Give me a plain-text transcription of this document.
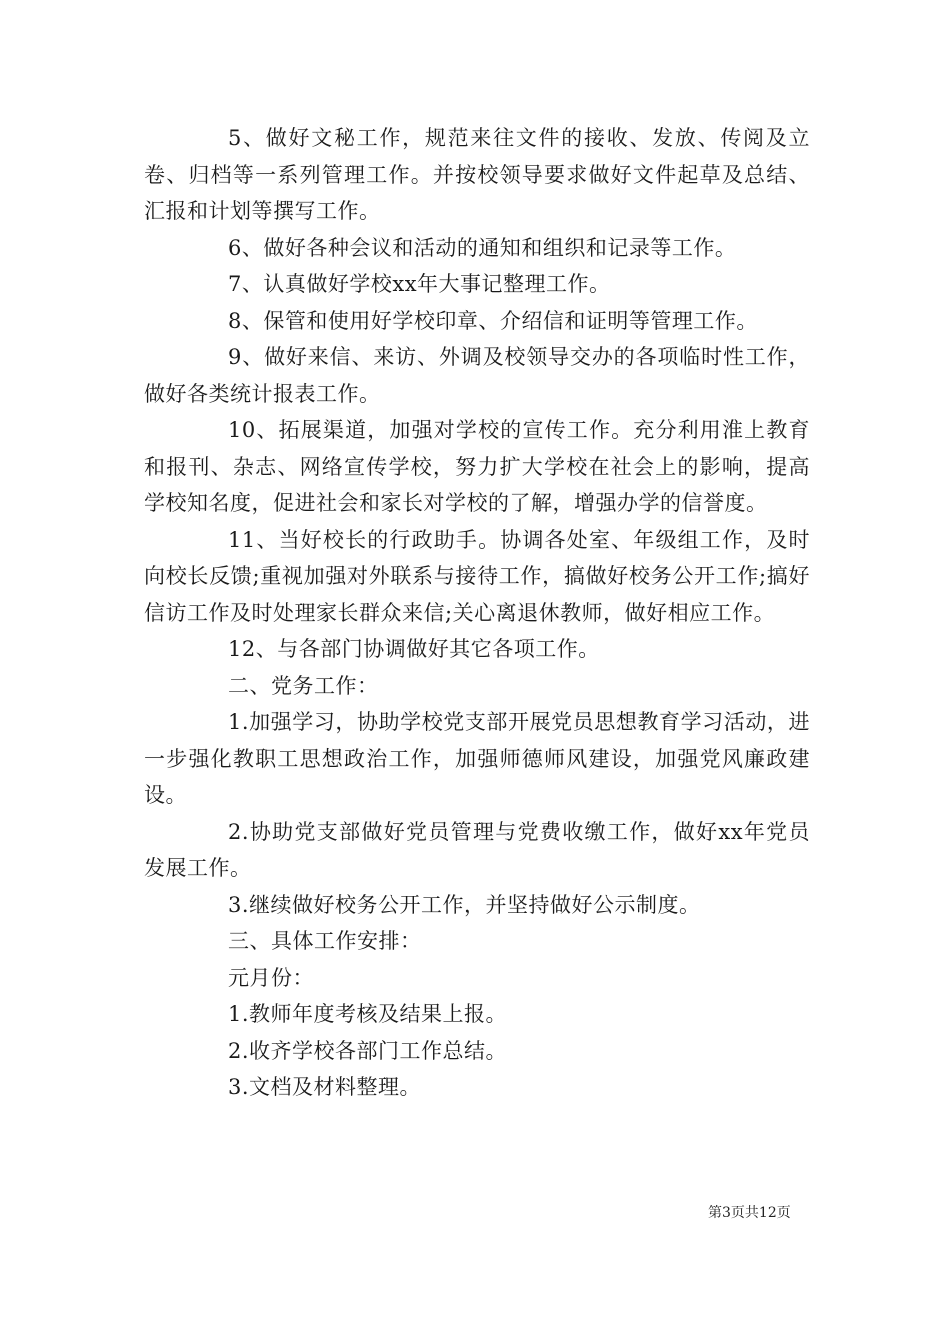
5、做好文秘工作，规范来往文件的接收、发放、传阅及立卷、归档等一系列管理工作。并按校领导要求做好文件起草及总结、汇报和计划等撰写工作。

6、做好各种会议和活动的通知和组织和记录等工作。

7、认真做好学校xx年大事记整理工作。

8、保管和使用好学校印章、介绍信和证明等管理工作。

9、做好来信、来访、外调及校领导交办的各项临时性工作，做好各类统计报表工作。

10、拓展渠道，加强对学校的宣传工作。充分利用淮上教育和报刊、杂志、网络宣传学校，努力扩大学校在社会上的影响，提高学校知名度，促进社会和家长对学校的了解，增强办学的信誉度。

11、当好校长的行政助手。协调各处室、年级组工作，及时向校长反馈;重视加强对外联系与接待工作，搞做好校务公开工作;搞好信访工作及时处理家长群众来信;关心离退休教师，做好相应工作。

12、与各部门协调做好其它各项工作。

二、党务工作：

1.加强学习，协助学校党支部开展党员思想教育学习活动，进一步强化教职工思想政治工作，加强师德师风建设，加强党风廉政建设。

2.协助党支部做好党员管理与党费收缴工作，做好xx年党员发展工作。

3.继续做好校务公开工作，并坚持做好公示制度。

三、具体工作安排：

元月份：

1.教师年度考核及结果上报。

2.收齐学校各部门工作总结。

3.文档及材料整理。

第3页共12页
